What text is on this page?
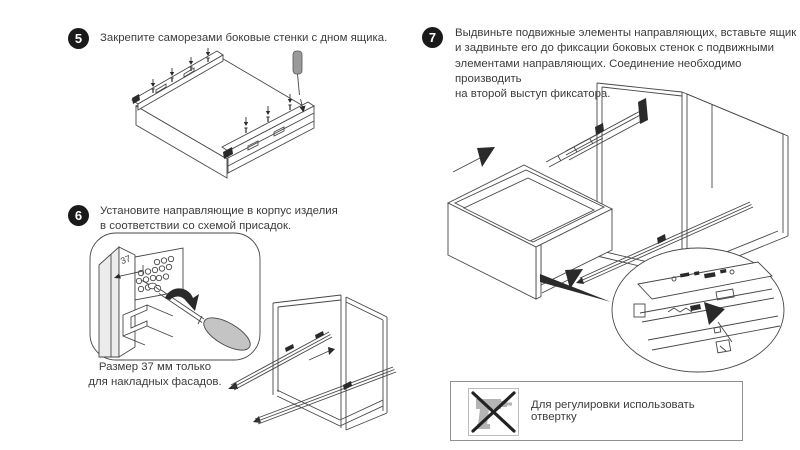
5	Закрепите саморезами боковые стенки с дном ящика.
6	Установите направляющие в корпус изделия
в соответствии со схемой присадок.
37
Размер 37 мм только
для накладных фасадов.
7	Выдвиньте подвижные элементы направляющих, вставьте ящик
и задвиньте его до фиксации боковых стенок с подвижными
элементами направляющих. Соединение необходимо производить
на второй выступ фиксатора.
Для регулировки использовать отвертку
